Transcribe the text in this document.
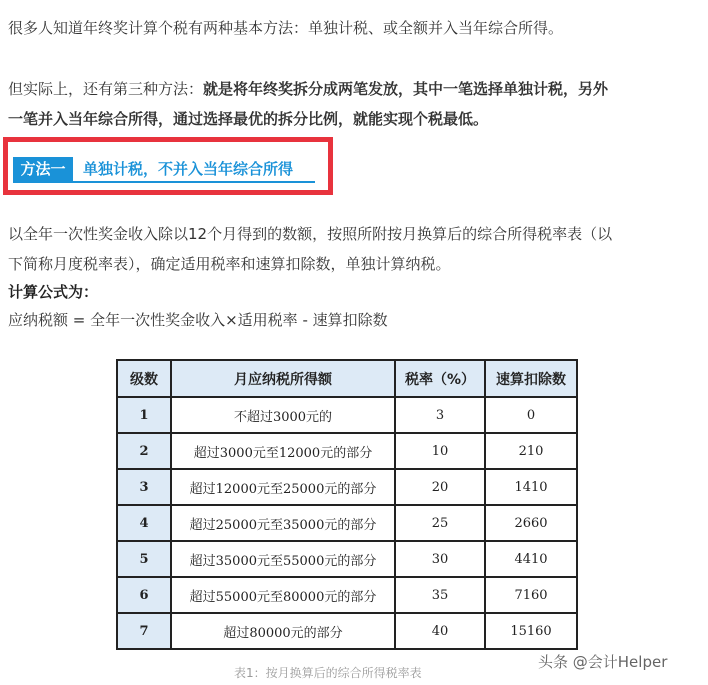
很多人知道年终奖计算个税有两种基本方法：单独计税、或全额并入当年综合所得。

但实际上，还有第三种方法：就是将年终奖拆分成两笔发放，其中一笔选择单独计税，另外
一笔并入当年综合所得，通过选择最优的拆分比例，就能实现个税最低。

方法一	单独计税，不并入当年综合所得

以全年一次性奖金收入除以12个月得到的数额，按照所附按月换算后的综合所得税率表（以
下简称月度税率表），确定适用税率和速算扣除数，单独计算纳税。

计算公式为：

应纳税额 = 全年一次性奖金收入×适用税率 - 速算扣除数

级数	月应纳税所得额	税率（%）	速算扣除数
1	不超过3000元的	3	0
2	超过3000元至12000元的部分	10	210
3	超过12000元至25000元的部分	20	1410
4	超过25000元至35000元的部分	25	2660
5	超过35000元至55000元的部分	30	4410
6	超过55000元至80000元的部分	35	7160
7	超过80000元的部分	40	15160
表1：按月换算后的综合所得税率表
头条 @会计Helper
